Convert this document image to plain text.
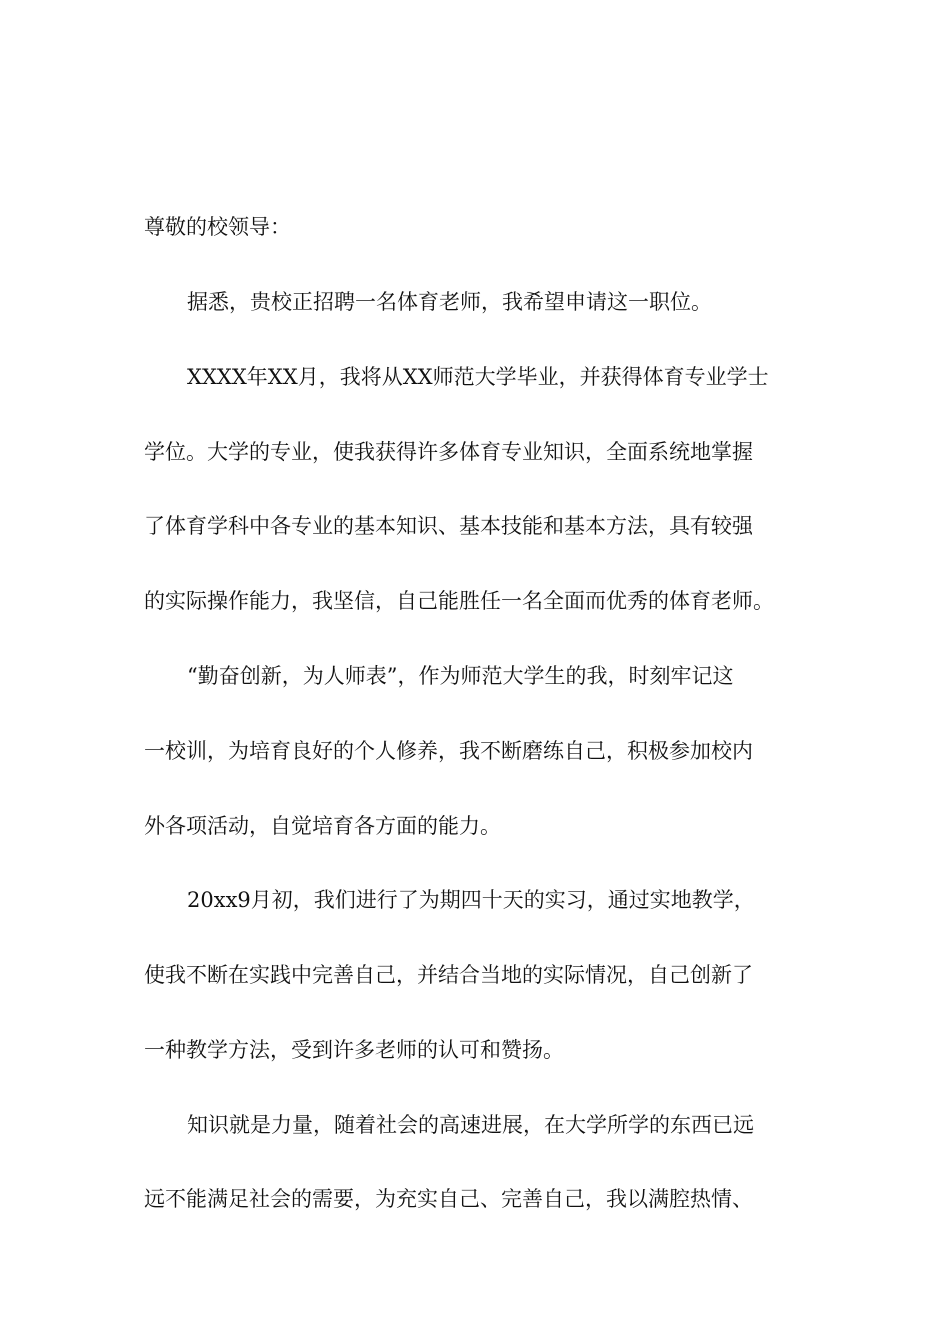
尊敬的校领导：
据悉，贵校正招聘一名体育老师，我希望申请这一职位。
XXXX年XX月，我将从XX师范大学毕业，并获得体育专业学士
学位。大学的专业，使我获得许多体育专业知识，全面系统地掌握
了体育学科中各专业的基本知识、基本技能和基本方法，具有较强
的实际操作能力，我坚信，自己能胜任一名全面而优秀的体育老师。
“勤奋创新，为人师表”，作为师范大学生的我，时刻牢记这
一校训，为培育良好的个人修养，我不断磨练自己，积极参加校内
外各项活动，自觉培育各方面的能力。
20xx9月初，我们进行了为期四十天的实习，通过实地教学，
使我不断在实践中完善自己，并结合当地的实际情况，自己创新了
一种教学方法，受到许多老师的认可和赞扬。
知识就是力量，随着社会的高速进展，在大学所学的东西已远
远不能满足社会的需要，为充实自己、完善自己，我以满腔热情、
